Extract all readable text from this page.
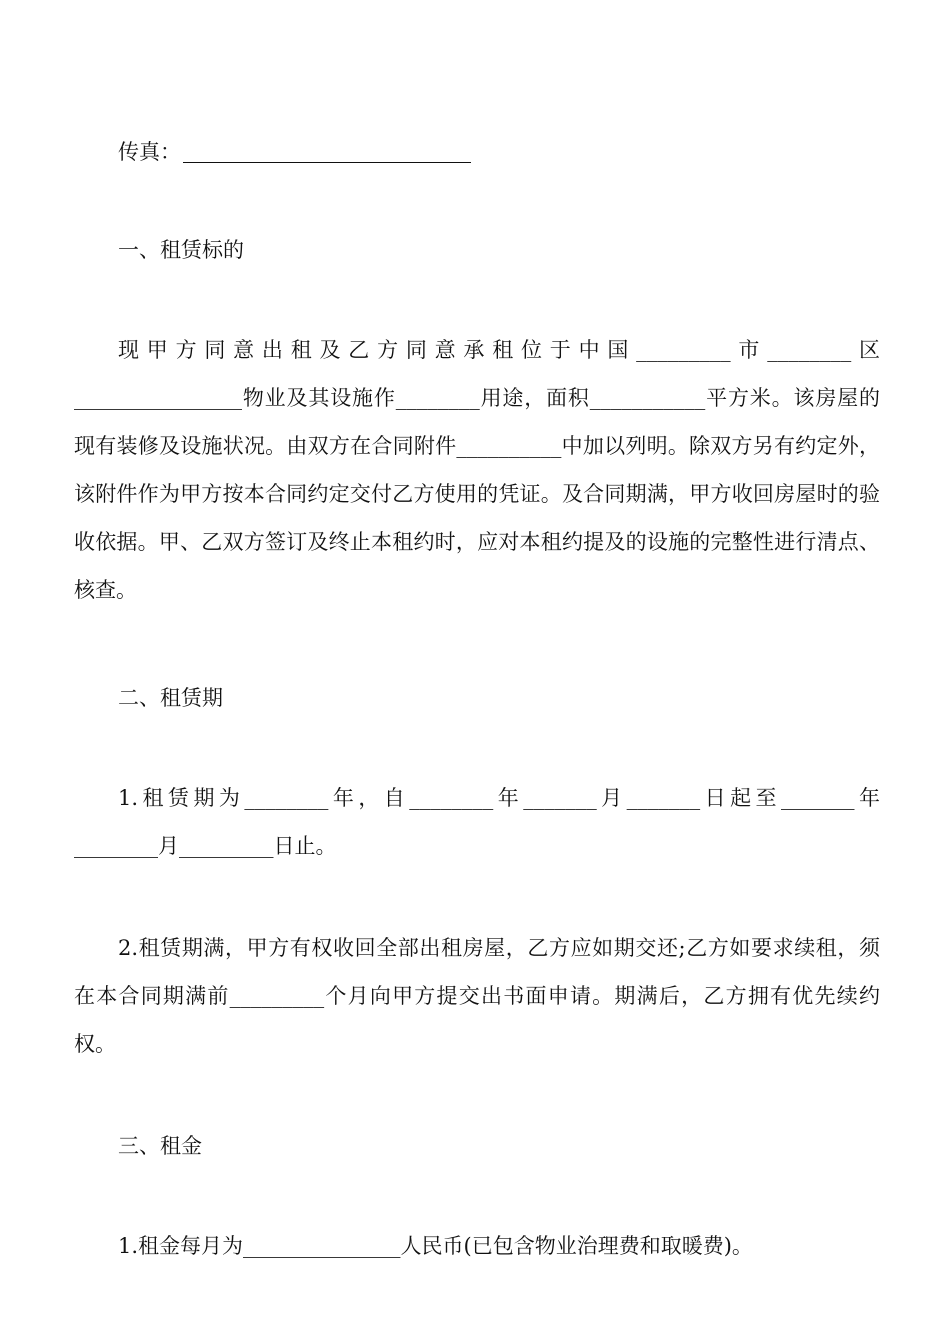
传真：

一、租赁标的

现甲方同意出租及乙方同意承租位于中国_________市________区________________物业及其设施作________用途，面积___________平方米。该房屋的现有装修及设施状况。由双方在合同附件__________中加以列明。除双方另有约定外，该附件作为甲方按本合同约定交付乙方使用的凭证。及合同期满，甲方收回房屋时的验收依据。甲、乙双方签订及终止本租约时，应对本租约提及的设施的完整性进行清点、核查。

二、租赁期

1.租赁期为________年，自________年_______月_______日起至_______年________月_________日止。

2.租赁期满，甲方有权收回全部出租房屋，乙方应如期交还;乙方如要求续租，须在本合同期满前_________个月向甲方提交出书面申请。期满后，乙方拥有优先续约权。

三、租金

1.租金每月为_______________人民币(已包含物业治理费和取暖费)。
